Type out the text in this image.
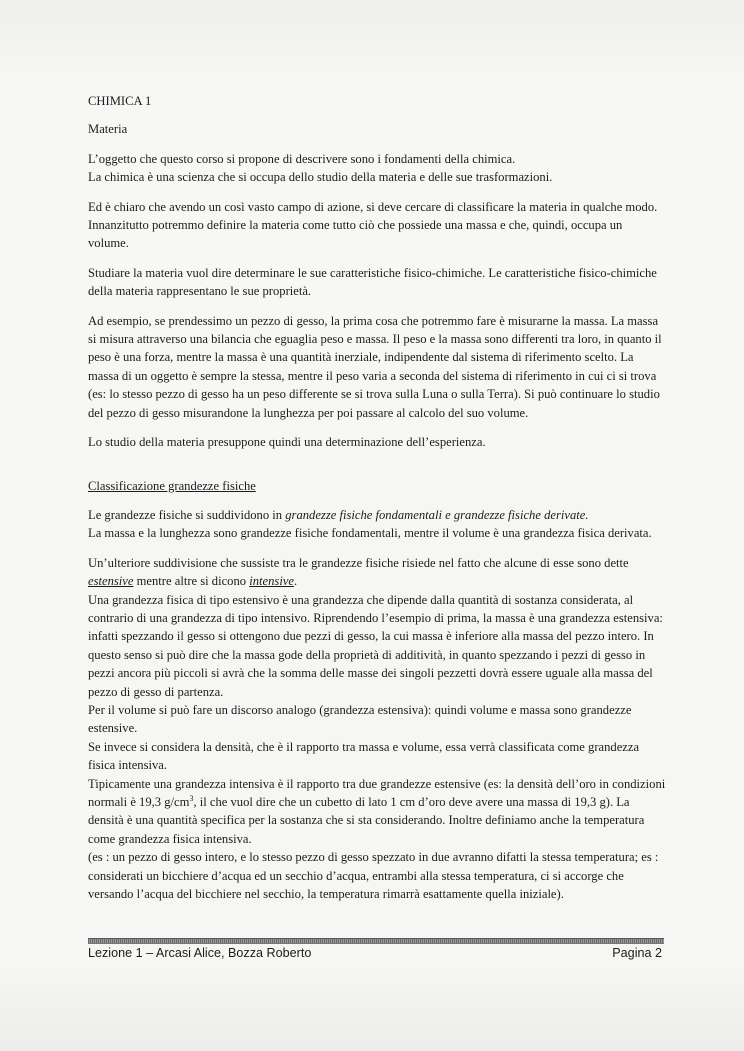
CHIMICA 1

Materia

L’oggetto che questo corso si propone di descrivere sono i fondamenti della chimica.
La chimica è una scienza che si occupa dello studio della materia e delle sue trasformazioni.

Ed è chiaro che avendo un così vasto campo di azione, si deve cercare di classificare la materia in qualche modo. Innanzitutto potremmo definire la materia come tutto ciò che possiede una massa e che, quindi, occupa un volume.

Studiare la materia vuol dire determinare le sue caratteristiche fisico-chimiche. Le caratteristiche fisico-chimiche della materia rappresentano le sue proprietà.

Ad esempio, se prendessimo un pezzo di gesso, la prima cosa che potremmo fare è misurarne la massa. La massa si misura attraverso una bilancia che eguaglia peso e massa. Il peso e la massa sono differenti tra loro, in quanto il peso è una forza, mentre la massa è una quantità inerziale, indipendente dal sistema di riferimento scelto. La massa di un oggetto è sempre la stessa, mentre il peso varia a seconda del sistema di riferimento in cui ci si trova (es: lo stesso pezzo di gesso ha un peso differente se si trova sulla Luna o sulla Terra). Si può continuare lo studio del pezzo di gesso misurandone la lunghezza per poi passare al calcolo del suo volume.

Lo studio della materia presuppone quindi una determinazione dell’esperienza.

Classificazione grandezze fisiche

Le grandezze fisiche si suddividono in grandezze fisiche fondamentali e grandezze fisiche derivate.
La massa e la lunghezza sono grandezze fisiche fondamentali, mentre il volume è una grandezza fisica derivata.

Un’ulteriore suddivisione che sussiste tra le grandezze fisiche risiede nel fatto che alcune di esse sono dette estensive mentre altre si dicono intensive.

Una grandezza fisica di tipo estensivo è una grandezza che dipende dalla quantità di sostanza considerata, al contrario di una grandezza di tipo intensivo. Riprendendo l’esempio di prima, la massa è una grandezza estensiva: infatti spezzando il gesso si ottengono due pezzi di gesso, la cui massa è inferiore alla massa del pezzo intero. In questo senso si può dire che la massa gode della proprietà di additività, in quanto spezzando i pezzi di gesso in pezzi ancora più piccoli si avrà che la somma delle masse dei singoli pezzetti dovrà essere uguale alla massa del pezzo di gesso di partenza.

Per il volume si può fare un discorso analogo (grandezza estensiva): quindi volume e massa sono grandezze estensive.

Se invece si considera la densità, che è il rapporto tra massa e volume, essa verrà classificata come grandezza fisica intensiva.

Tipicamente una grandezza intensiva è il rapporto tra due grandezze estensive (es: la densità dell’oro in condizioni normali è 19,3 $g/cm^3$, il che vuol dire che un cubetto di lato 1 cm d’oro deve avere una massa di 19,3 g). La densità è una quantità specifica per la sostanza che si sta considerando. Inoltre definiamo anche la temperatura come grandezza fisica intensiva.

(es : un pezzo di gesso intero, e lo stesso pezzo di gesso spezzato in due avranno difatti la stessa temperatura; es : considerati un bicchiere d’acqua ed un secchio d’acqua, entrambi alla stessa temperatura, ci si accorge che versando l’acqua del bicchiere nel secchio, la temperatura rimarrà esattamente quella iniziale).

Lezione 1 – Arcasi Alice, Bozza Roberto	Pagina 2
